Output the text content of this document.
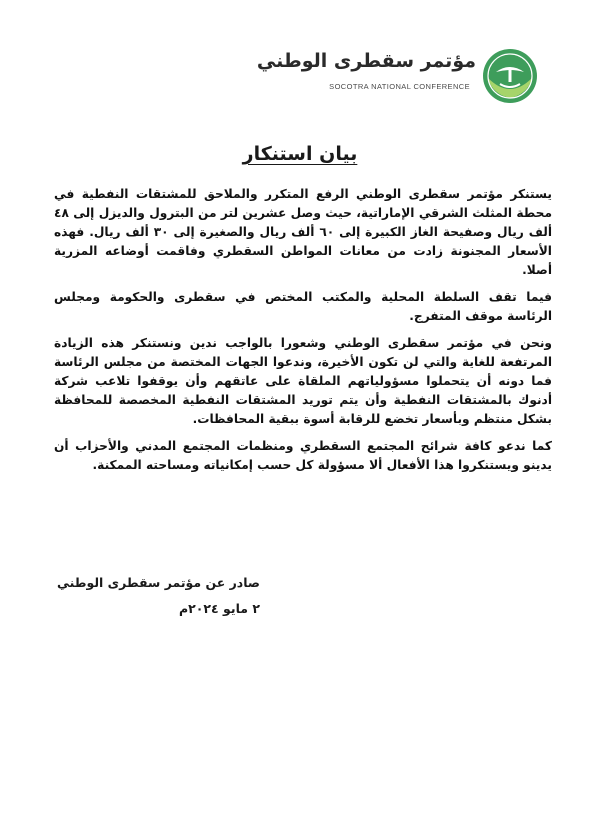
مؤتمر سقطرى الوطني
SOCOTRA NATIONAL CONFERENCE
بيان استنكار

يستنكر مؤتمر سقطرى الوطني الرفع المتكرر والملاحق للمشتقات النفطية في محطة المثلث الشرقي الإماراتية، حيث وصل عشرين لتر من البترول والديزل إلى ٤٨ ألف ريال وصفيحة الغاز الكبيرة إلى ٦٠ ألف ريال والصغيرة إلى ٣٠ ألف ريال. فهذه الأسعار المجنونة زادت من معانات المواطن السقطري وفاقمت أوضاعه المزرية أصلا.

فيما تقف السلطة المحلية والمكتب المختص في سقطرى والحكومة ومجلس الرئاسة موقف المتفرج.

ونحن في مؤتمر سقطرى الوطني وشعورا بالواجب ندين ونستنكر هذه الزيادة المرتفعة للغاية والتي لن تكون الأخيرة، وندعوا الجهات المختصة من مجلس الرئاسة فما دونه أن يتحملوا مسؤولياتهم الملقاة على عاتقهم وأن يوقفوا تلاعب شركة أدنوك بالمشتقات النفطية وأن يتم توريد المشتقات النفطية المخصصة للمحافظة بشكل منتظم وبأسعار تخضع للرقابة أسوة ببقية المحافظات.

كما ندعو كافة شرائح المجتمع السقطري ومنظمات المجتمع المدني والأحزاب أن يدينو ويستنكروا هذا الأفعال ألا مسؤولة كل حسب إمكانياته ومساحته الممكنة.

صادر عن مؤتمر سقطرى الوطني
٢ مايو ٢٠٢٤م
